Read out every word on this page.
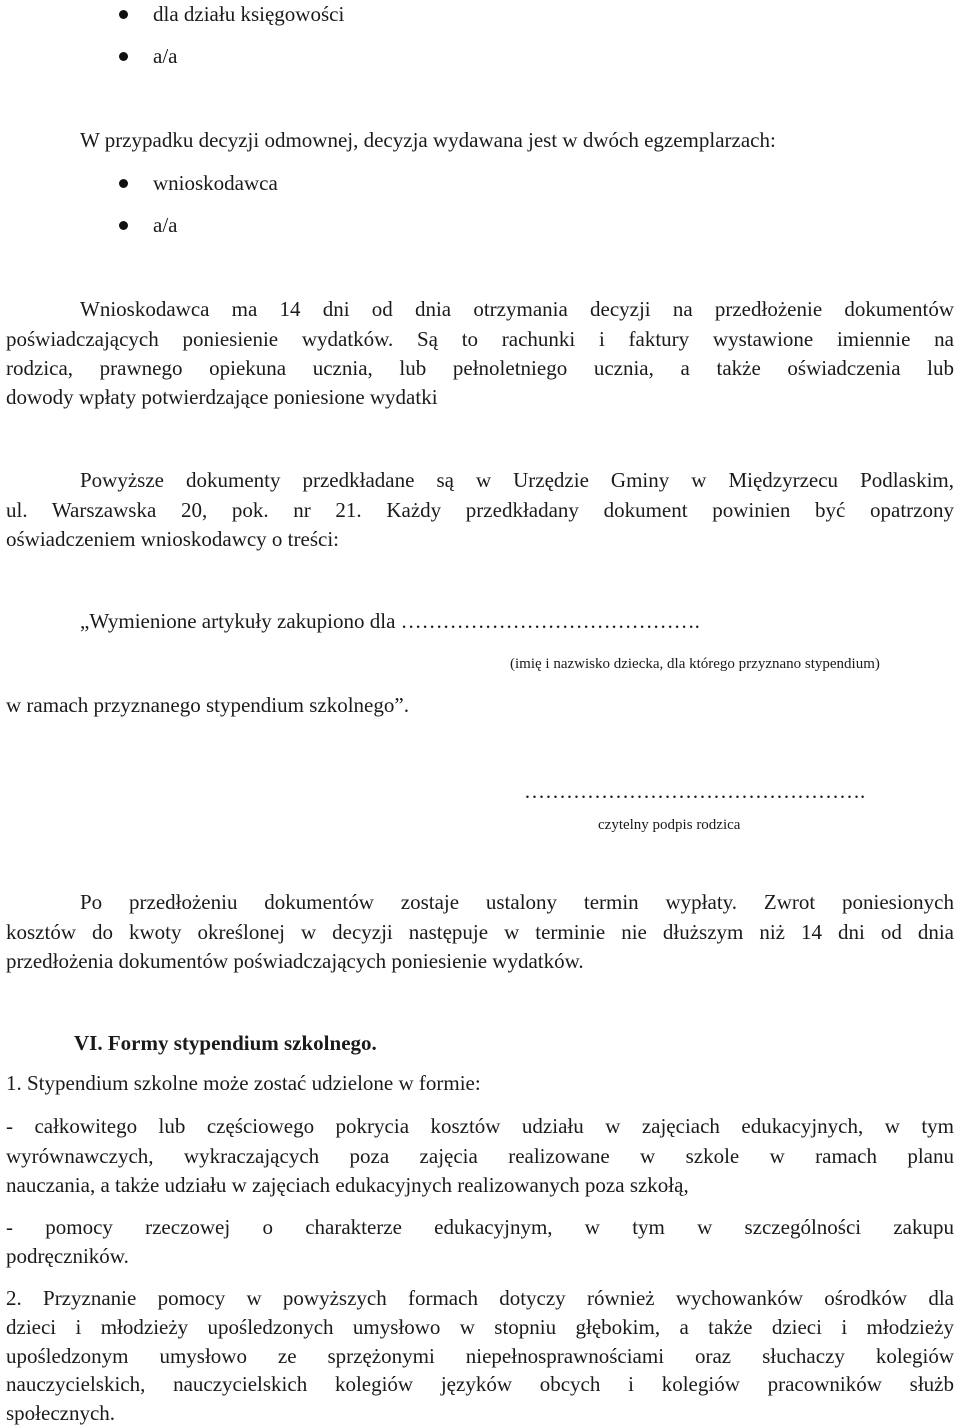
dla działu księgowości
a/a
W przypadku decyzji odmownej, decyzja wydawana jest w dwóch egzemplarzach:
wnioskodawca
a/a
Wnioskodawca ma 14 dni od dnia otrzymania decyzji na przedłożenie dokumentów
poświadczających poniesienie wydatków. Są to rachunki i faktury wystawione imiennie na
rodzica, prawnego opiekuna ucznia, lub pełnoletniego ucznia, a także oświadczenia lub
dowody wpłaty potwierdzające poniesione wydatki
Powyższe dokumenty przedkładane są w Urzędzie Gminy w Międzyrzecu Podlaskim,
ul. Warszawska 20, pok. nr 21. Każdy przedkładany dokument powinien być opatrzony
oświadczeniem wnioskodawcy o treści:
„Wymienione artykuły zakupiono dla …………………………………….
(imię i nazwisko dziecka, dla którego przyznano stypendium)
w ramach przyznanego stypendium szkolnego”.
………………………………………….
czytelny podpis rodzica
Po przedłożeniu dokumentów zostaje ustalony termin wypłaty. Zwrot poniesionych
kosztów do kwoty określonej w decyzji następuje w terminie nie dłuższym niż 14 dni od dnia
przedłożenia dokumentów poświadczających poniesienie wydatków.
VI. Formy stypendium szkolnego.
1. Stypendium szkolne może zostać udzielone w formie:
- całkowitego lub częściowego pokrycia kosztów udziału w zajęciach edukacyjnych, w tym
wyrównawczych, wykraczających poza zajęcia realizowane w szkole w ramach planu
nauczania, a także udziału w zajęciach edukacyjnych realizowanych poza szkołą,
- pomocy rzeczowej o charakterze edukacyjnym, w tym w szczególności zakupu
podręczników.
2. Przyznanie pomocy w powyższych formach dotyczy również wychowanków ośrodków dla
dzieci i młodzieży upośledzonych umysłowo w stopniu głębokim, a także dzieci i młodzieży
upośledzonym umysłowo ze sprzężonymi niepełnosprawnościami oraz słuchaczy kolegiów
nauczycielskich, nauczycielskich kolegiów języków obcych i kolegiów pracowników służb
społecznych.
